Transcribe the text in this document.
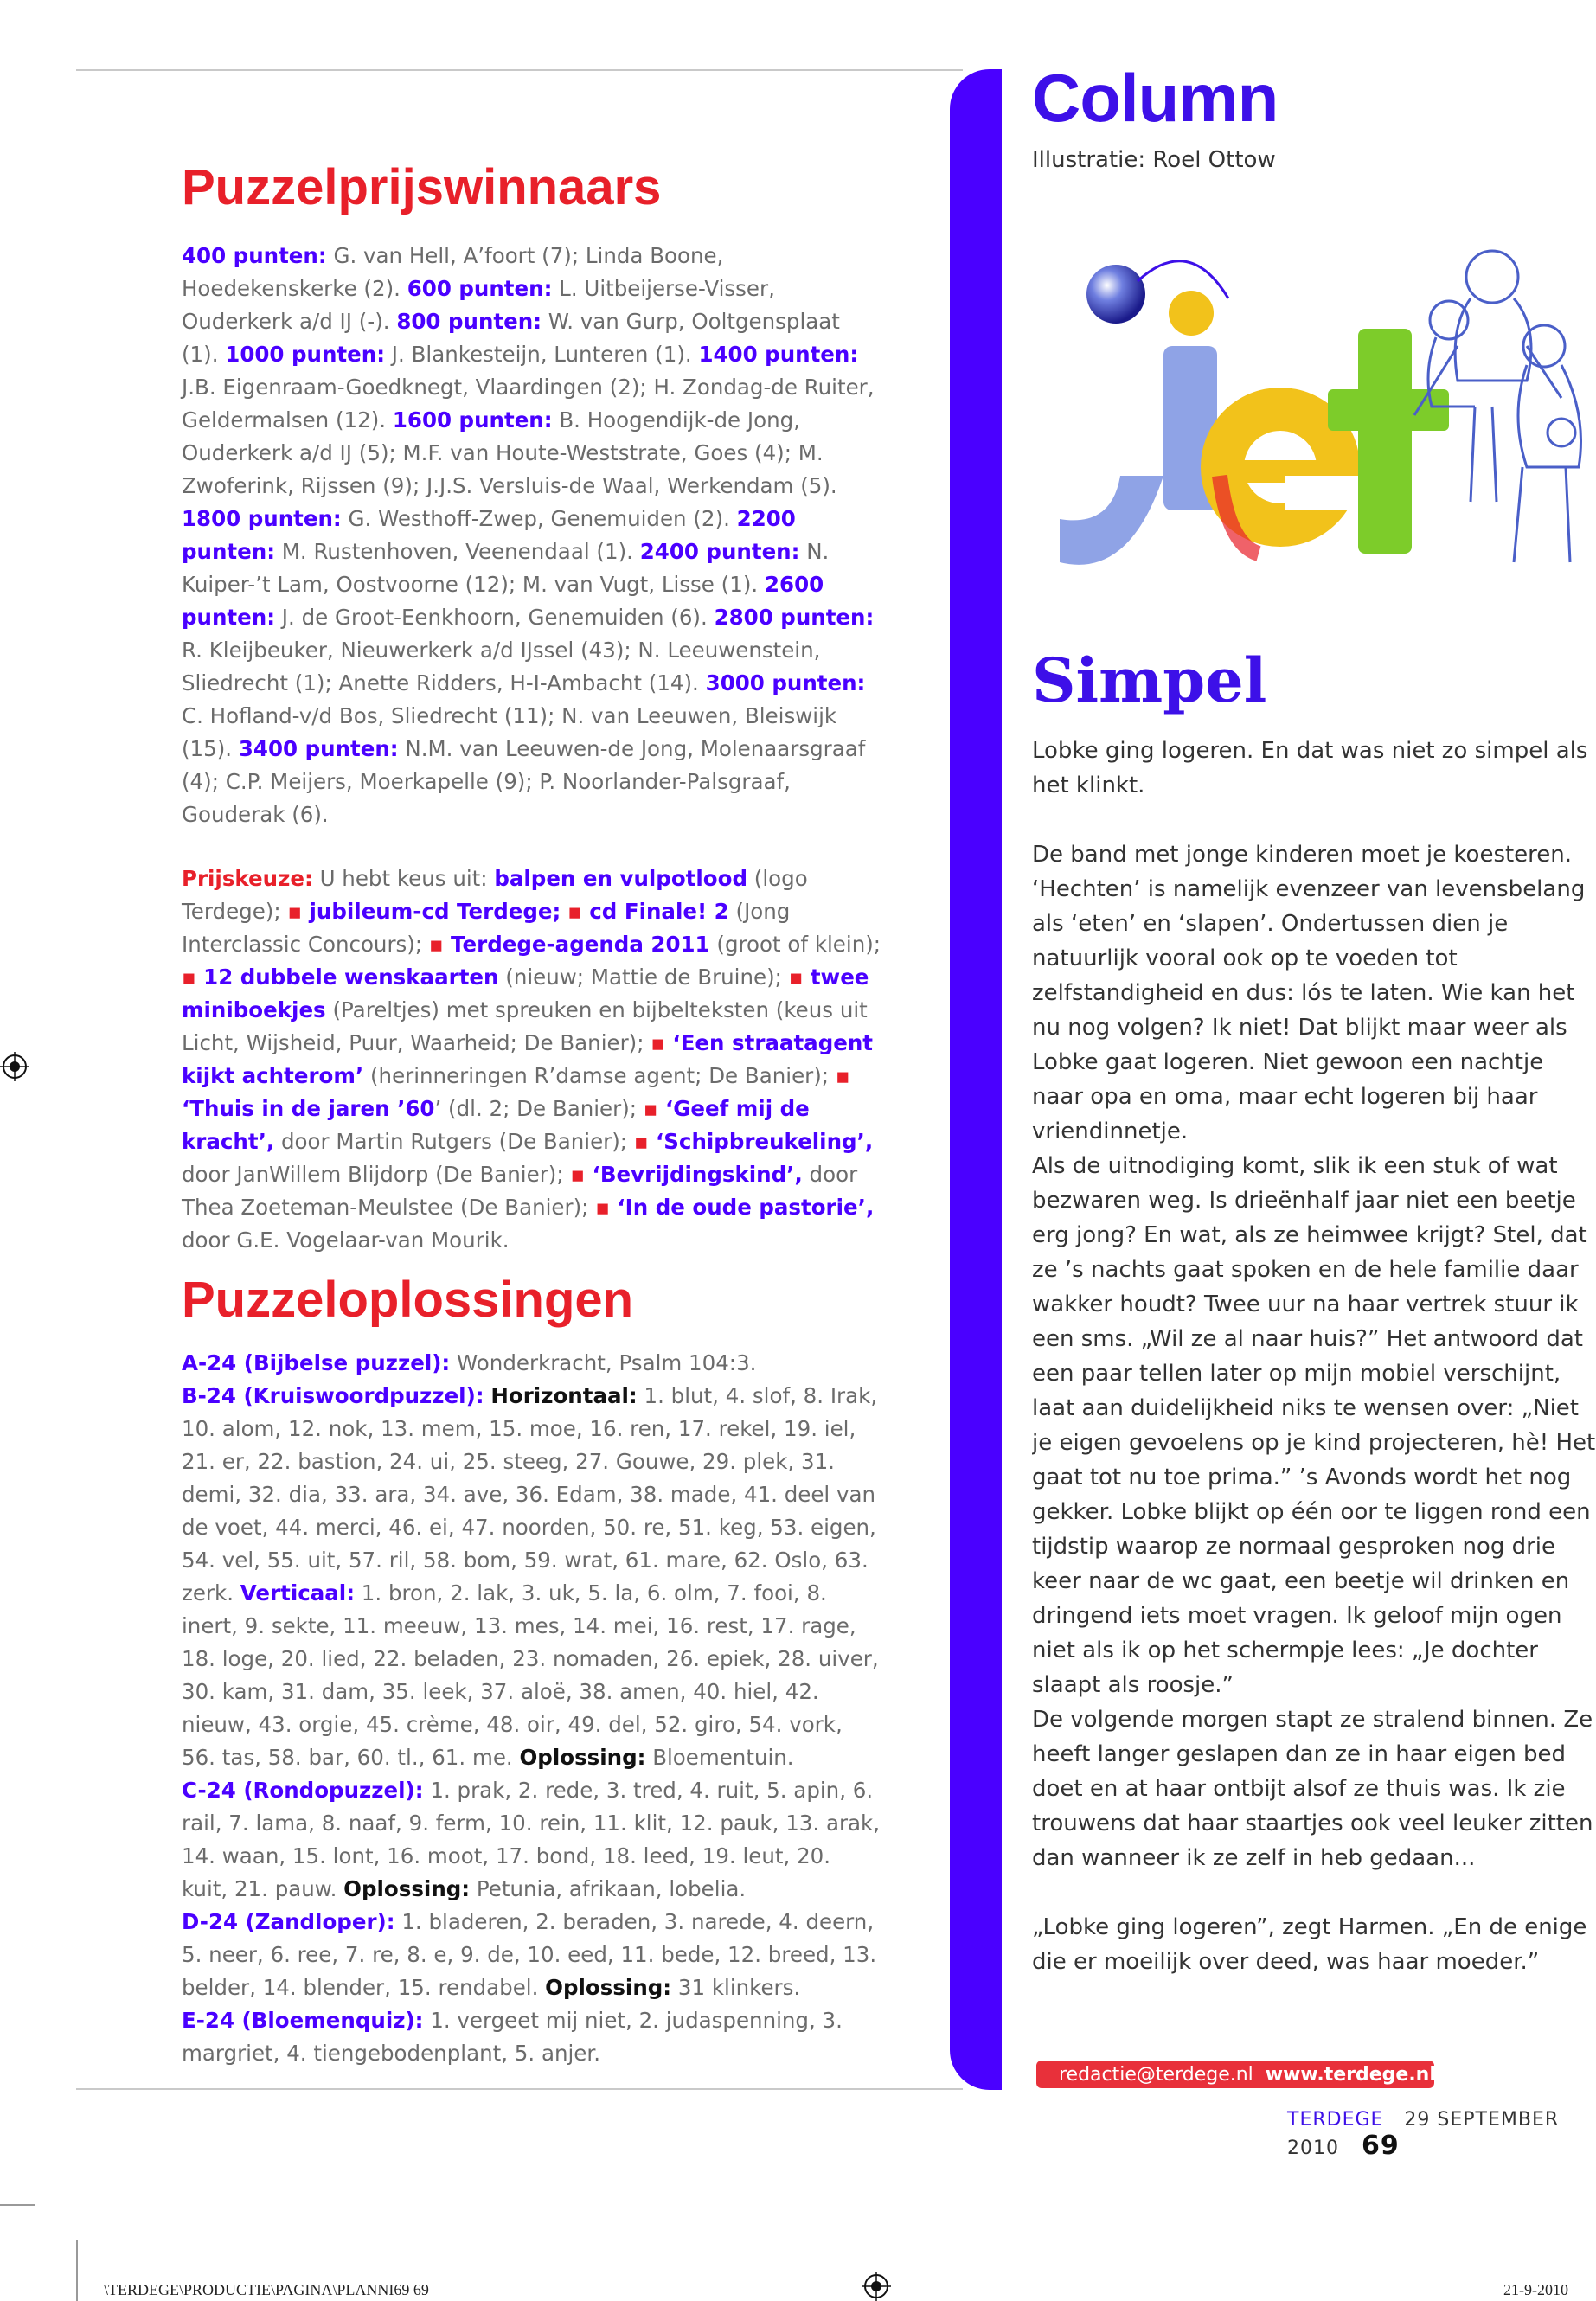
Puzzelprijswinnaars

400 punten: G. van Hell, A’foort (7); Linda Boone, Hoedekenskerke (2). 600 punten: L. Uitbeijerse-Visser, Ouderkerk a/d IJ (-). 800 punten: W. van Gurp, Ooltgensplaat (1). 1000 punten: J. Blankesteijn, Lunteren (1). 1400 punten: J.B. Eigenraam-Goedknegt, Vlaardingen (2); H. Zondag-de Ruiter, Geldermalsen (12). 1600 punten: B. Hoogendijk-de Jong, Ouderkerk a/d IJ (5); M.F. van Houte-Weststrate, Goes (4); M. Zwoferink, Rijssen (9); J.J.S. Versluis-de Waal, Werkendam (5). 1800 punten: G. Westhoff-Zwep, Genemuiden (2). 2200 punten: M. Rustenhoven, Veenendaal (1). 2400 punten: N. Kuiper-’t Lam, Oostvoorne (12); M. van Vugt, Lisse (1). 2600 punten: J. de Groot-Eenkhoorn, Genemuiden (6). 2800 punten: R. Kleijbeuker, Nieuwerkerk a/d IJssel (43); N. Leeuwenstein, Sliedrecht (1); Anette Ridders, H-I-Ambacht (14). 3000 punten: C. Hofland-v/d Bos, Sliedrecht (11); N. van Leeuwen, Bleiswijk (15). 3400 punten: N.M. van Leeuwen-de Jong, Molenaarsgraaf (4); C.P. Meijers, Moerkapelle (9); P. Noorlander-Palsgraaf, Gouderak (6).

Prijskeuze: U hebt keus uit: balpen en vulpotlood (logo Terdege); ▪ jubileum-cd Terdege; ▪ cd Finale! 2 (Jong Interclassic Concours); ▪ Terdege-agenda 2011 (groot of klein); ▪ 12 dubbele wenskaarten (nieuw; Mattie de Bruine); ▪ twee miniboekjes (Pareltjes) met spreuken en bijbelteksten (keus uit Licht, Wijsheid, Puur, Waarheid; De Banier); ▪ ‘Een straatagent kijkt achterom’ (herinneringen R’damse agent; De Banier); ▪ ‘Thuis in de jaren ’60’ (dl. 2; De Banier); ▪ ‘Geef mij de kracht’, door Martin Rutgers (De Banier); ▪ ‘Schipbreukeling’, door JanWillem Blijdorp (De Banier); ▪ ‘Bevrijdingskind’, door Thea Zoeteman-Meulstee (De Banier); ▪ ‘In de oude pastorie’, door G.E. Vogelaar-van Mourik.

Puzzeloplossingen

A-24 (Bijbelse puzzel): Wonderkracht, Psalm 104:3.

B-24 (Kruiswoordpuzzel): Horizontaal: 1. blut, 4. slof, 8. Irak, 10. alom, 12. nok, 13. mem, 15. moe, 16. ren, 17. rekel, 19. iel, 21. er, 22. bastion, 24. ui, 25. steeg, 27. Gouwe, 29. plek, 31. demi, 32. dia, 33. ara, 34. ave, 36. Edam, 38. made, 41. deel van de voet, 44. merci, 46. ei, 47. noorden, 50. re, 51. keg, 53. eigen, 54. vel, 55. uit, 57. ril, 58. bom, 59. wrat, 61. mare, 62. Oslo, 63. zerk. Verticaal: 1. bron, 2. lak, 3. uk, 5. la, 6. olm, 7. fooi, 8. inert, 9. sekte, 11. meeuw, 13. mes, 14. mei, 16. rest, 17. rage, 18. loge, 20. lied, 22. beladen, 23. nomaden, 26. epiek, 28. uiver, 30. kam, 31. dam, 35. leek, 37. aloë, 38. amen, 40. hiel, 42. nieuw, 43. orgie, 45. crème, 48. oir, 49. del, 52. giro, 54. vork, 56. tas, 58. bar, 60. tl., 61. me. Oplossing: Bloementuin.

C-24 (Rondopuzzel): 1. prak, 2. rede, 3. tred, 4. ruit, 5. apin, 6. rail, 7. lama, 8. naaf, 9. ferm, 10. rein, 11. klit, 12. pauk, 13. arak, 14. waan, 15. lont, 16. moot, 17. bond, 18. leed, 19. leut, 20. kuit, 21. pauw. Oplossing: Petunia, afrikaan, lobelia.

D-24 (Zandloper): 1. bladeren, 2. beraden, 3. narede, 4. deern, 5. neer, 6. ree, 7. re, 8. e, 9. de, 10. eed, 11. bede, 12. breed, 13. belder, 14. blender, 15. rendabel. Oplossing: 31 klinkers.

E-24 (Bloemenquiz): 1. vergeet mij niet, 2. judaspenning, 3. margriet, 4. tiengebodenplant, 5. anjer.

Column
Illustratie: Roel Ottow
Simpel

Lobke ging logeren. En dat was niet zo simpel als het klinkt.

De band met jonge kinderen moet je koesteren. ‘Hechten’ is namelijk evenzeer van levensbelang als ‘eten’ en ‘slapen’. Ondertussen dien je natuurlijk vooral ook op te voeden tot zelfstandigheid en dus: lós te laten. Wie kan het nu nog volgen? Ik niet! Dat blijkt maar weer als Lobke gaat logeren. Niet gewoon een nachtje naar opa en oma, maar echt logeren bij haar vriendinnetje.

Als de uitnodiging komt, slik ik een stuk of wat bezwaren weg. Is drieënhalf jaar niet een beetje erg jong? En wat, als ze heimwee krijgt? Stel, dat ze ’s nachts gaat spoken en de hele familie daar wakker houdt? Twee uur na haar vertrek stuur ik een sms. „Wil ze al naar huis?” Het antwoord dat een paar tellen later op mijn mobiel verschijnt, laat aan duidelijkheid niks te wensen over: „Niet je eigen gevoelens op je kind projecteren, hè! Het gaat tot nu toe prima.” ’s Avonds wordt het nog gekker. Lobke blijkt op één oor te liggen rond een tijdstip waarop ze normaal gesproken nog drie keer naar de wc gaat, een beetje wil drinken en dringend iets moet vragen. Ik geloof mijn ogen niet als ik op het schermpje lees: „Je dochter slaapt als roosje.”

De volgende morgen stapt ze stralend binnen. Ze heeft langer geslapen dan ze in haar eigen bed doet en at haar ontbijt alsof ze thuis was. Ik zie trouwens dat haar staartjes ook veel leuker zitten dan wanneer ik ze zelf in heb gedaan...

„Lobke ging logeren”, zegt Harmen. „En de enige die er moeilijk over deed, was haar moeder.”

redactie@terdege.nl www.terdege.nl
TERDEGE 29 SEPTEMBER 2010 69
\TERDEGE\PRODUCTIE\PAGINA\PLANNI69 69	21-9-2010
